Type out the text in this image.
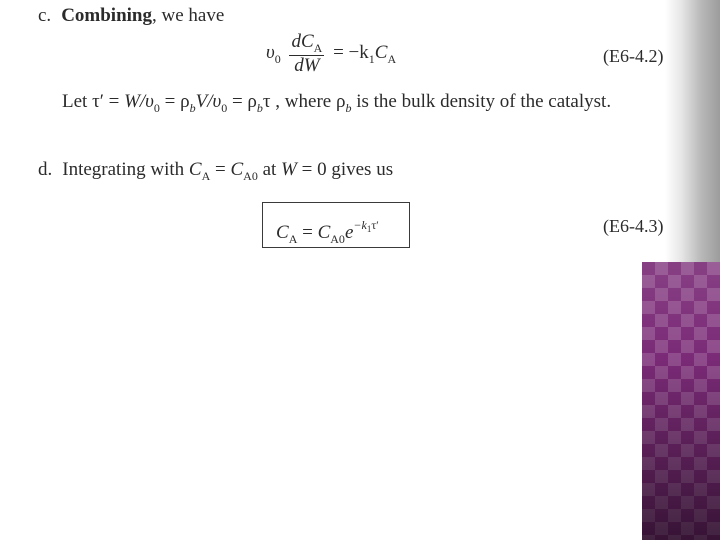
c. Combining, we have
$\upsilon_0 \frac{dC_A}{dW} = -k_1C_A$	(E6-4.2)
Let $\tau' = W/\upsilon_0 = \rho_bV/\upsilon_0 = \rho_b\tau$ , where $\rho_b$ is the bulk density of the catalyst.
d. Integrating with $C_A = C_{A0}$ at W = 0 gives us
$C_A = C_{A0}e^{-k_1\tau'}$	(E6-4.3)
